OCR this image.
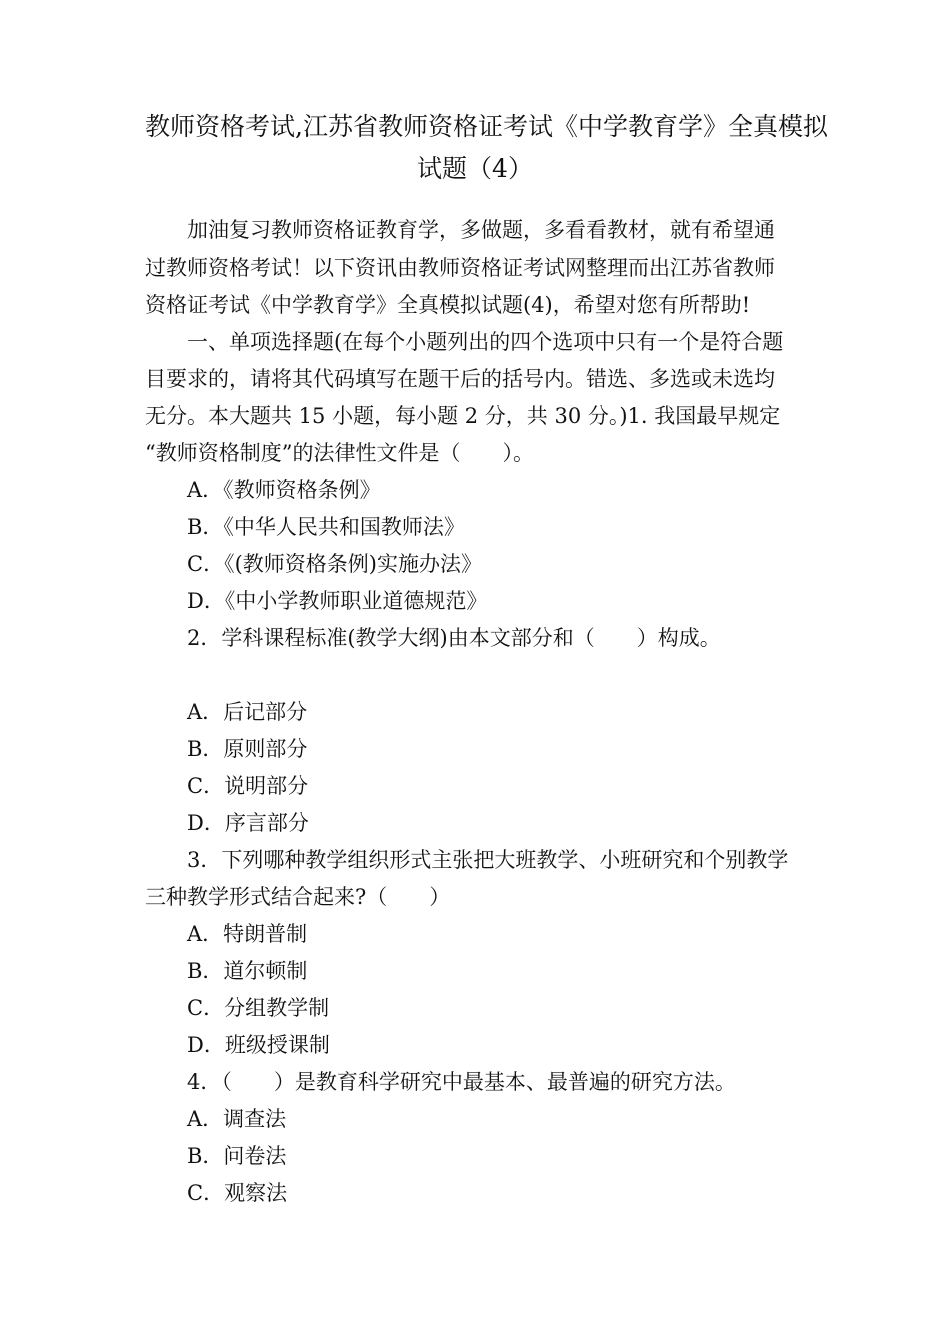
教师资格考试,江苏省教师资格证考试《中学教育学》全真模拟
试题（4）
加油复习教师资格证教育学，多做题，多看看教材，就有希望通
过教师资格考试！以下资讯由教师资格证考试网整理而出江苏省教师
资格证考试《中学教育学》全真模拟试题(4)，希望对您有所帮助!
一、单项选择题(在每个小题列出的四个选项中只有一个是符合题
目要求的，请将其代码填写在题干后的括号内。错选、多选或未选均
无分。本大题共 15 小题，每小题 2 分，共 30 分。)1. 我国最早规定
“教师资格制度”的法律性文件是（　　）。
A．《教师资格条例》
B．《中华人民共和国教师法》
C．《(教师资格条例)实施办法》
D．《中小学教师职业道德规范》
2．学科课程标准(教学大纲)由本文部分和（　　）构成。
A．后记部分
B．原则部分
C．说明部分
D．序言部分
3．下列哪种教学组织形式主张把大班教学、小班研究和个别教学
三种教学形式结合起来?（　　）
A．特朗普制
B．道尔顿制
C．分组教学制
D．班级授课制
4．（　　）是教育科学研究中最基本、最普遍的研究方法。
A．调查法
B．问卷法
C．观察法
